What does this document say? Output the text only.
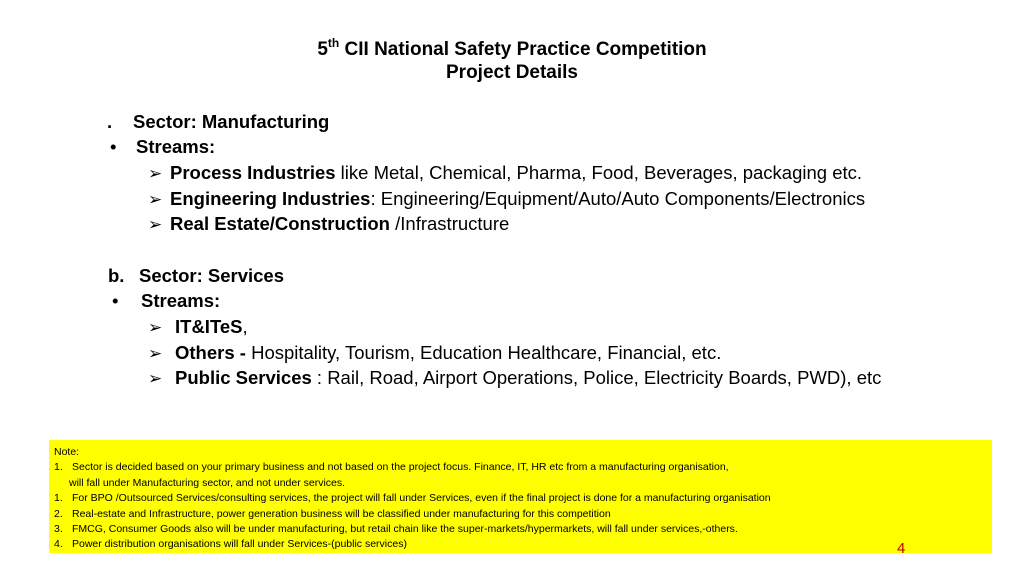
5th CII National Safety Practice Competition
Project Details
. Sector: Manufacturing
• Streams:
➢ Process Industries like Metal, Chemical, Pharma, Food, Beverages, packaging etc.
➢ Engineering Industries: Engineering/Equipment/Auto/Auto Components/Electronics
➢ Real Estate/Construction /Infrastructure
b. Sector: Services
• Streams:
➢ IT&ITeS,
➢ Others - Hospitality, Tourism, Education Healthcare, Financial, etc.
➢ Public Services : Rail, Road, Airport Operations, Police, Electricity Boards, PWD), etc
Note:
1. Sector is decided based on your primary business and not based on the project focus. Finance, IT, HR etc from a manufacturing organisation,
will fall under Manufacturing sector, and not under services.
1. For BPO /Outsourced Services/consulting services, the project will fall under Services, even if the final project is done for a manufacturing organisation
2. Real-estate and Infrastructure, power generation business will be classified under manufacturing for this competition
3. FMCG, Consumer Goods also will be under manufacturing, but retail chain like the super-markets/hypermarkets, will fall under services,-others.
4. Power distribution organisations will fall under Services-(public services)	4
